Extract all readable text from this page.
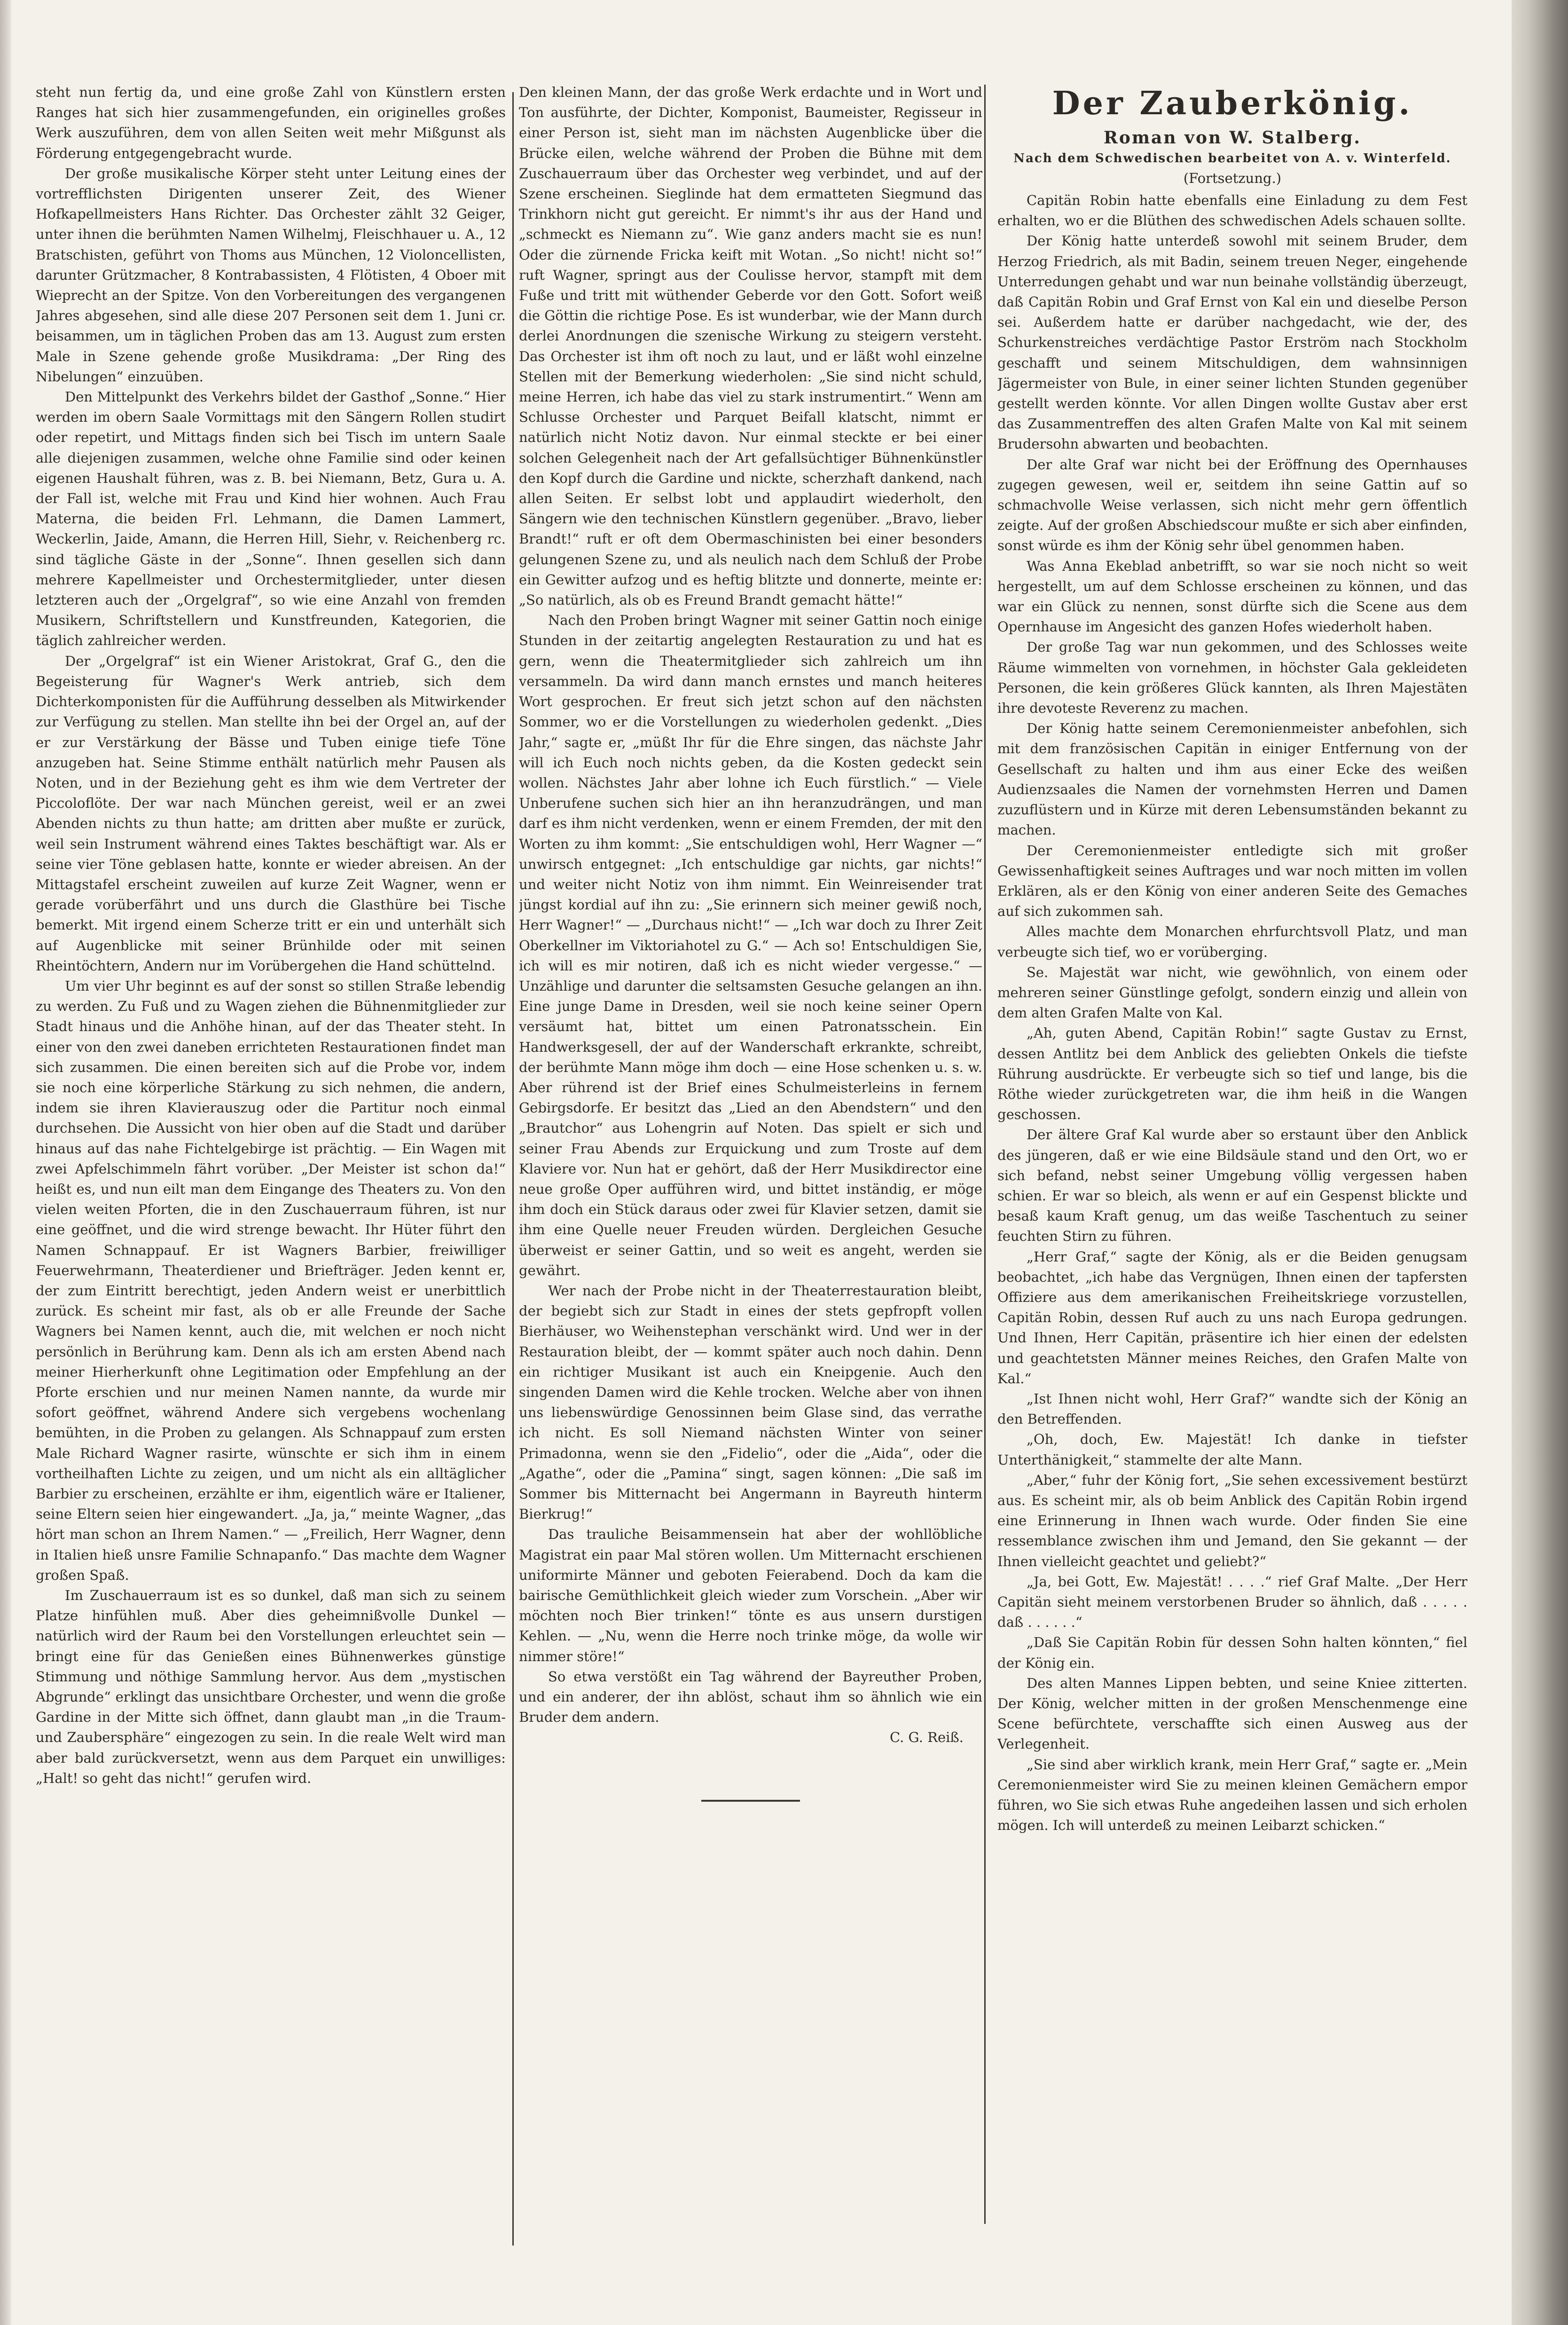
steht nun fertig da, und eine große Zahl von Künstlern ersten Ranges hat sich hier zusammengefunden, ein originelles großes Werk auszuführen, dem von allen Seiten weit mehr Mißgunst als Förderung entgegengebracht wurde.

Der große musikalische Körper steht unter Leitung eines der vortrefflichsten Dirigenten unserer Zeit, des Wiener Hofkapellmeisters Hans Richter. Das Orchester zählt 32 Geiger, unter ihnen die berühmten Namen Wilhelmj, Fleischhauer u. A., 12 Bratschisten, geführt von Thoms aus München, 12 Violoncellisten, darunter Grützmacher, 8 Kontrabassisten, 4 Flötisten, 4 Oboer mit Wieprecht an der Spitze. Von den Vorbereitungen des vergangenen Jahres abgesehen, sind alle diese 207 Personen seit dem 1. Juni cr. beisammen, um in täglichen Proben das am 13. August zum ersten Male in Szene gehende große Musikdrama: „Der Ring des Nibelungen“ einzuüben.

Den Mittelpunkt des Verkehrs bildet der Gasthof „Sonne.“ Hier werden im obern Saale Vormittags mit den Sängern Rollen studirt oder repetirt, und Mittags finden sich bei Tisch im untern Saale alle diejenigen zusammen, welche ohne Familie sind oder keinen eigenen Haushalt führen, was z. B. bei Niemann, Betz, Gura u. A. der Fall ist, welche mit Frau und Kind hier wohnen. Auch Frau Materna, die beiden Frl. Lehmann, die Damen Lammert, Weckerlin, Jaide, Amann, die Herren Hill, Siehr, v. Reichenberg rc. sind tägliche Gäste in der „Sonne“. Ihnen gesellen sich dann mehrere Kapellmeister und Orchestermitglieder, unter diesen letzteren auch der „Orgelgraf“, so wie eine Anzahl von fremden Musikern, Schriftstellern und Kunstfreunden, Kategorien, die täglich zahlreicher werden.

Der „Orgelgraf“ ist ein Wiener Aristokrat, Graf G., den die Begeisterung für Wagner's Werk antrieb, sich dem Dichterkomponisten für die Aufführung desselben als Mitwirkender zur Verfügung zu stellen. Man stellte ihn bei der Orgel an, auf der er zur Verstärkung der Bässe und Tuben einige tiefe Töne anzugeben hat. Seine Stimme enthält natürlich mehr Pausen als Noten, und in der Beziehung geht es ihm wie dem Vertreter der Piccoloflöte. Der war nach München gereist, weil er an zwei Abenden nichts zu thun hatte; am dritten aber mußte er zurück, weil sein Instrument während eines Taktes beschäftigt war. Als er seine vier Töne geblasen hatte, konnte er wieder abreisen. An der Mittagstafel erscheint zuweilen auf kurze Zeit Wagner, wenn er gerade vorüberfährt und uns durch die Glasthüre bei Tische bemerkt. Mit irgend einem Scherze tritt er ein und unterhält sich auf Augenblicke mit seiner Brünhilde oder mit seinen Rheintöchtern, Andern nur im Vorübergehen die Hand schüttelnd.

Um vier Uhr beginnt es auf der sonst so stillen Straße lebendig zu werden. Zu Fuß und zu Wagen ziehen die Bühnenmitglieder zur Stadt hinaus und die Anhöhe hinan, auf der das Theater steht. In einer von den zwei daneben errichteten Restaurationen findet man sich zusammen. Die einen bereiten sich auf die Probe vor, indem sie noch eine körperliche Stärkung zu sich nehmen, die andern, indem sie ihren Klavierauszug oder die Partitur noch einmal durchsehen. Die Aussicht von hier oben auf die Stadt und darüber hinaus auf das nahe Fichtelgebirge ist prächtig. — Ein Wagen mit zwei Apfelschimmeln fährt vorüber. „Der Meister ist schon da!“ heißt es, und nun eilt man dem Eingange des Theaters zu. Von den vielen weiten Pforten, die in den Zuschauerraum führen, ist nur eine geöffnet, und die wird strenge bewacht. Ihr Hüter führt den Namen Schnappauf. Er ist Wagners Barbier, freiwilliger Feuerwehrmann, Theaterdiener und Briefträger. Jeden kennt er, der zum Eintritt berechtigt, jeden Andern weist er unerbittlich zurück. Es scheint mir fast, als ob er alle Freunde der Sache Wagners bei Namen kennt, auch die, mit welchen er noch nicht persönlich in Berührung kam. Denn als ich am ersten Abend nach meiner Hierherkunft ohne Legitimation oder Empfehlung an der Pforte erschien und nur meinen Namen nannte, da wurde mir sofort geöffnet, während Andere sich vergebens wochenlang bemühten, in die Proben zu gelangen. Als Schnappauf zum ersten Male Richard Wagner rasirte, wünschte er sich ihm in einem vortheilhaften Lichte zu zeigen, und um nicht als ein alltäglicher Barbier zu erscheinen, erzählte er ihm, eigentlich wäre er Italiener, seine Eltern seien hier eingewandert. „Ja, ja,“ meinte Wagner, „das hört man schon an Ihrem Namen.“ — „Freilich, Herr Wagner, denn in Italien hieß unsre Familie Schnapanfo.“ Das machte dem Wagner großen Spaß.

Im Zuschauerraum ist es so dunkel, daß man sich zu seinem Platze hinfühlen muß. Aber dies geheimnißvolle Dunkel — natürlich wird der Raum bei den Vorstellungen erleuchtet sein — bringt eine für das Genießen eines Bühnenwerkes günstige Stimmung und nöthige Sammlung hervor. Aus dem „mystischen Abgrunde“ erklingt das unsichtbare Orchester, und wenn die große Gardine in der Mitte sich öffnet, dann glaubt man „in die Traum- und Zaubersphäre“ eingezogen zu sein. In die reale Welt wird man aber bald zurückversetzt, wenn aus dem Parquet ein unwilliges: „Halt! so geht das nicht!“ gerufen wird.

Den kleinen Mann, der das große Werk erdachte und in Wort und Ton ausführte, der Dichter, Komponist, Baumeister, Regisseur in einer Person ist, sieht man im nächsten Augenblicke über die Brücke eilen, welche während der Proben die Bühne mit dem Zuschauerraum über das Orchester weg verbindet, und auf der Szene erscheinen. Sieglinde hat dem ermatteten Siegmund das Trinkhorn nicht gut gereicht. Er nimmt's ihr aus der Hand und „schmeckt es Niemann zu“. Wie ganz anders macht sie es nun! Oder die zürnende Fricka keift mit Wotan. „So nicht! nicht so!“ ruft Wagner, springt aus der Coulisse hervor, stampft mit dem Fuße und tritt mit wüthender Geberde vor den Gott. Sofort weiß die Göttin die richtige Pose. Es ist wunderbar, wie der Mann durch derlei Anordnungen die szenische Wirkung zu steigern versteht. Das Orchester ist ihm oft noch zu laut, und er läßt wohl einzelne Stellen mit der Bemerkung wiederholen: „Sie sind nicht schuld, meine Herren, ich habe das viel zu stark instrumentirt.“ Wenn am Schlusse Orchester und Parquet Beifall klatscht, nimmt er natürlich nicht Notiz davon. Nur einmal steckte er bei einer solchen Gelegenheit nach der Art gefallsüchtiger Bühnenkünstler den Kopf durch die Gardine und nickte, scherzhaft dankend, nach allen Seiten. Er selbst lobt und applaudirt wiederholt, den Sängern wie den technischen Künstlern gegenüber. „Bravo, lieber Brandt!“ ruft er oft dem Obermaschinisten bei einer besonders gelungenen Szene zu, und als neulich nach dem Schluß der Probe ein Gewitter aufzog und es heftig blitzte und donnerte, meinte er: „So natürlich, als ob es Freund Brandt gemacht hätte!“

Nach den Proben bringt Wagner mit seiner Gattin noch einige Stunden in der zeitartig angelegten Restauration zu und hat es gern, wenn die Theatermitglieder sich zahlreich um ihn versammeln. Da wird dann manch ernstes und manch heiteres Wort gesprochen. Er freut sich jetzt schon auf den nächsten Sommer, wo er die Vorstellungen zu wiederholen gedenkt. „Dies Jahr,“ sagte er, „müßt Ihr für die Ehre singen, das nächste Jahr will ich Euch noch nichts geben, da die Kosten gedeckt sein wollen. Nächstes Jahr aber lohne ich Euch fürstlich.“ — Viele Unberufene suchen sich hier an ihn heranzudrängen, und man darf es ihm nicht verdenken, wenn er einem Fremden, der mit den Worten zu ihm kommt: „Sie entschuldigen wohl, Herr Wagner —“ unwirsch entgegnet: „Ich entschuldige gar nichts, gar nichts!“ und weiter nicht Notiz von ihm nimmt. Ein Weinreisender trat jüngst kordial auf ihn zu: „Sie erinnern sich meiner gewiß noch, Herr Wagner!“ — „Durchaus nicht!“ — „Ich war doch zu Ihrer Zeit Oberkellner im Viktoriahotel zu G.“ — Ach so! Entschuldigen Sie, ich will es mir notiren, daß ich es nicht wieder vergesse.“ — Unzählige und darunter die seltsamsten Gesuche gelangen an ihn. Eine junge Dame in Dresden, weil sie noch keine seiner Opern versäumt hat, bittet um einen Patronatsschein. Ein Handwerksgesell, der auf der Wanderschaft erkrankte, schreibt, der berühmte Mann möge ihm doch — eine Hose schenken u. s. w. Aber rührend ist der Brief eines Schulmeisterleins in fernem Gebirgsdorfe. Er besitzt das „Lied an den Abendstern“ und den „Brautchor“ aus Lohengrin auf Noten. Das spielt er sich und seiner Frau Abends zur Erquickung und zum Troste auf dem Klaviere vor. Nun hat er gehört, daß der Herr Musikdirector eine neue große Oper aufführen wird, und bittet inständig, er möge ihm doch ein Stück daraus oder zwei für Klavier setzen, damit sie ihm eine Quelle neuer Freuden würden. Dergleichen Gesuche überweist er seiner Gattin, und so weit es angeht, werden sie gewährt.

Wer nach der Probe nicht in der Theaterrestauration bleibt, der begiebt sich zur Stadt in eines der stets gepfropft vollen Bierhäuser, wo Weihenstephan verschänkt wird. Und wer in der Restauration bleibt, der — kommt später auch noch dahin. Denn ein richtiger Musikant ist auch ein Kneipgenie. Auch den singenden Damen wird die Kehle trocken. Welche aber von ihnen uns liebenswürdige Genossinnen beim Glase sind, das verrathe ich nicht. Es soll Niemand nächsten Winter von seiner Primadonna, wenn sie den „Fidelio“, oder die „Aida“, oder die „Agathe“, oder die „Pamina“ singt, sagen können: „Die saß im Sommer bis Mitternacht bei Angermann in Bayreuth hinterm Bierkrug!“

Das trauliche Beisammensein hat aber der wohllöbliche Magistrat ein paar Mal stören wollen. Um Mitternacht erschienen uniformirte Männer und geboten Feierabend. Doch da kam die bairische Gemüthlichkeit gleich wieder zum Vorschein. „Aber wir möchten noch Bier trinken!“ tönte es aus unsern durstigen Kehlen. — „Nu, wenn die Herre noch trinke möge, da wolle wir nimmer störe!“

So etwa verstößt ein Tag während der Bayreuther Proben, und ein anderer, der ihn ablöst, schaut ihm so ähnlich wie ein Bruder dem andern.

C. G. Reiß.
Der Zauberkönig.
Roman von W. Stalberg.
Nach dem Schwedischen bearbeitet von A. v. Winterfeld.
(Fortsetzung.)

Capitän Robin hatte ebenfalls eine Einladung zu dem Fest erhalten, wo er die Blüthen des schwedischen Adels schauen sollte.

Der König hatte unterdeß sowohl mit seinem Bruder, dem Herzog Friedrich, als mit Badin, seinem treuen Neger, eingehende Unterredungen gehabt und war nun beinahe vollständig überzeugt, daß Capitän Robin und Graf Ernst von Kal ein und dieselbe Person sei. Außerdem hatte er darüber nachgedacht, wie der, des Schurkenstreiches verdächtige Pastor Erström nach Stockholm geschafft und seinem Mitschuldigen, dem wahnsinnigen Jägermeister von Bule, in einer seiner lichten Stunden gegenüber gestellt werden könnte. Vor allen Dingen wollte Gustav aber erst das Zusammentreffen des alten Grafen Malte von Kal mit seinem Brudersohn abwarten und beobachten.

Der alte Graf war nicht bei der Eröffnung des Opernhauses zugegen gewesen, weil er, seitdem ihn seine Gattin auf so schmachvolle Weise verlassen, sich nicht mehr gern öffentlich zeigte. Auf der großen Abschiedscour mußte er sich aber einfinden, sonst würde es ihm der König sehr übel genommen haben.

Was Anna Ekeblad anbetrifft, so war sie noch nicht so weit hergestellt, um auf dem Schlosse erscheinen zu können, und das war ein Glück zu nennen, sonst dürfte sich die Scene aus dem Opernhause im Angesicht des ganzen Hofes wiederholt haben.

Der große Tag war nun gekommen, und des Schlosses weite Räume wimmelten von vornehmen, in höchster Gala gekleideten Personen, die kein größeres Glück kannten, als Ihren Majestäten ihre devoteste Reverenz zu machen.

Der König hatte seinem Ceremonienmeister anbefohlen, sich mit dem französischen Capitän in einiger Entfernung von der Gesellschaft zu halten und ihm aus einer Ecke des weißen Audienzsaales die Namen der vornehmsten Herren und Damen zuzuflüstern und in Kürze mit deren Lebensumständen bekannt zu machen.

Der Ceremonienmeister entledigte sich mit großer Gewissenhaftigkeit seines Auftrages und war noch mitten im vollen Erklären, als er den König von einer anderen Seite des Gemaches auf sich zukommen sah.

Alles machte dem Monarchen ehrfurchtsvoll Platz, und man verbeugte sich tief, wo er vorüberging.

Se. Majestät war nicht, wie gewöhnlich, von einem oder mehreren seiner Günstlinge gefolgt, sondern einzig und allein von dem alten Grafen Malte von Kal.

„Ah, guten Abend, Capitän Robin!“ sagte Gustav zu Ernst, dessen Antlitz bei dem Anblick des geliebten Onkels die tiefste Rührung ausdrückte. Er verbeugte sich so tief und lange, bis die Röthe wieder zurückgetreten war, die ihm heiß in die Wangen geschossen.

Der ältere Graf Kal wurde aber so erstaunt über den Anblick des jüngeren, daß er wie eine Bildsäule stand und den Ort, wo er sich befand, nebst seiner Umgebung völlig vergessen haben schien. Er war so bleich, als wenn er auf ein Gespenst blickte und besaß kaum Kraft genug, um das weiße Taschentuch zu seiner feuchten Stirn zu führen.

„Herr Graf,“ sagte der König, als er die Beiden genugsam beobachtet, „ich habe das Vergnügen, Ihnen einen der tapfersten Offiziere aus dem amerikanischen Freiheitskriege vorzustellen, Capitän Robin, dessen Ruf auch zu uns nach Europa gedrungen. Und Ihnen, Herr Capitän, präsentire ich hier einen der edelsten und geachtetsten Männer meines Reiches, den Grafen Malte von Kal.“

„Ist Ihnen nicht wohl, Herr Graf?“ wandte sich der König an den Betreffenden.

„Oh, doch, Ew. Majestät! Ich danke in tiefster Unterthänigkeit,“ stammelte der alte Mann.

„Aber,“ fuhr der König fort, „Sie sehen excessivement bestürzt aus. Es scheint mir, als ob beim Anblick des Capitän Robin irgend eine Erinnerung in Ihnen wach wurde. Oder finden Sie eine ressemblance zwischen ihm und Jemand, den Sie gekannt — der Ihnen vielleicht geachtet und geliebt?“

„Ja, bei Gott, Ew. Majestät! . . . .“ rief Graf Malte. „Der Herr Capitän sieht meinem verstorbenen Bruder so ähnlich, daß . . . . . daß . . . . . .“

„Daß Sie Capitän Robin für dessen Sohn halten könnten,“ fiel der König ein.

Des alten Mannes Lippen bebten, und seine Kniee zitterten. Der König, welcher mitten in der großen Menschenmenge eine Scene befürchtete, verschaffte sich einen Ausweg aus der Verlegenheit.

„Sie sind aber wirklich krank, mein Herr Graf,“ sagte er. „Mein Ceremonienmeister wird Sie zu meinen kleinen Gemächern empor führen, wo Sie sich etwas Ruhe angedeihen lassen und sich erholen mögen. Ich will unterdeß zu meinen Leibarzt schicken.“
